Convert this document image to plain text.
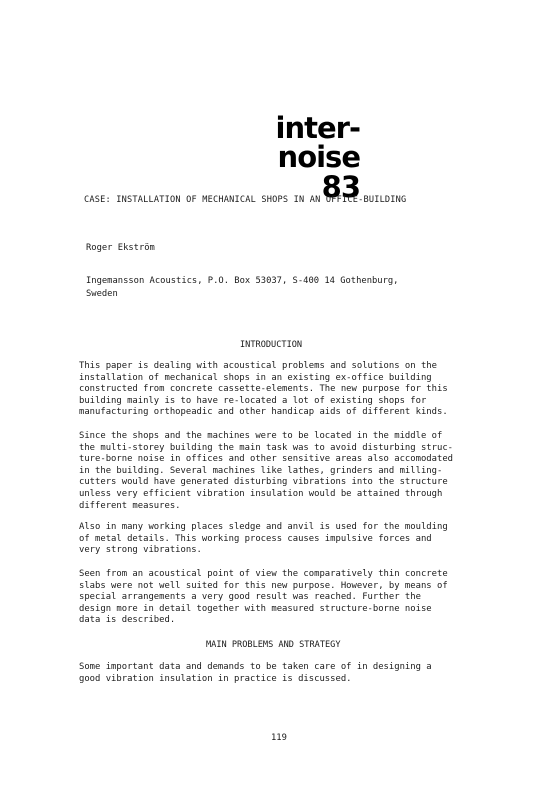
inter-noise
83
CASE: INSTALLATION OF MECHANICAL SHOPS IN AN OFFICE-BUILDING
Roger Ekström
Ingemansson Acoustics, P.O. Box 53037, S-400 14 Gothenburg,
Sweden
INTRODUCTION
This paper is dealing with acoustical problems and solutions on the
installation of mechanical shops in an existing ex-office building
constructed from concrete cassette-elements. The new purpose for this
building mainly is to have re-located a lot of existing shops for
manufacturing orthopeadic and other handicap aids of different kinds.
Since the shops and the machines were to be located in the middle of
the multi-storey building the main task was to avoid disturbing struc-
ture-borne noise in offices and other sensitive areas also accomodated
in the building. Several machines like lathes, grinders and milling-
cutters would have generated disturbing vibrations into the structure
unless very efficient vibration insulation would be attained through
different measures.
Also in many working places sledge and anvil is used for the moulding
of metal details. This working process causes impulsive forces and
very strong vibrations.
Seen from an acoustical point of view the comparatively thin concrete
slabs were not well suited for this new purpose. However, by means of
special arrangements a very good result was reached. Further the
design more in detail together with measured structure-borne noise
data is described.
MAIN PROBLEMS AND STRATEGY
Some important data and demands to be taken care of in designing a
good vibration insulation in practice is discussed.
119
